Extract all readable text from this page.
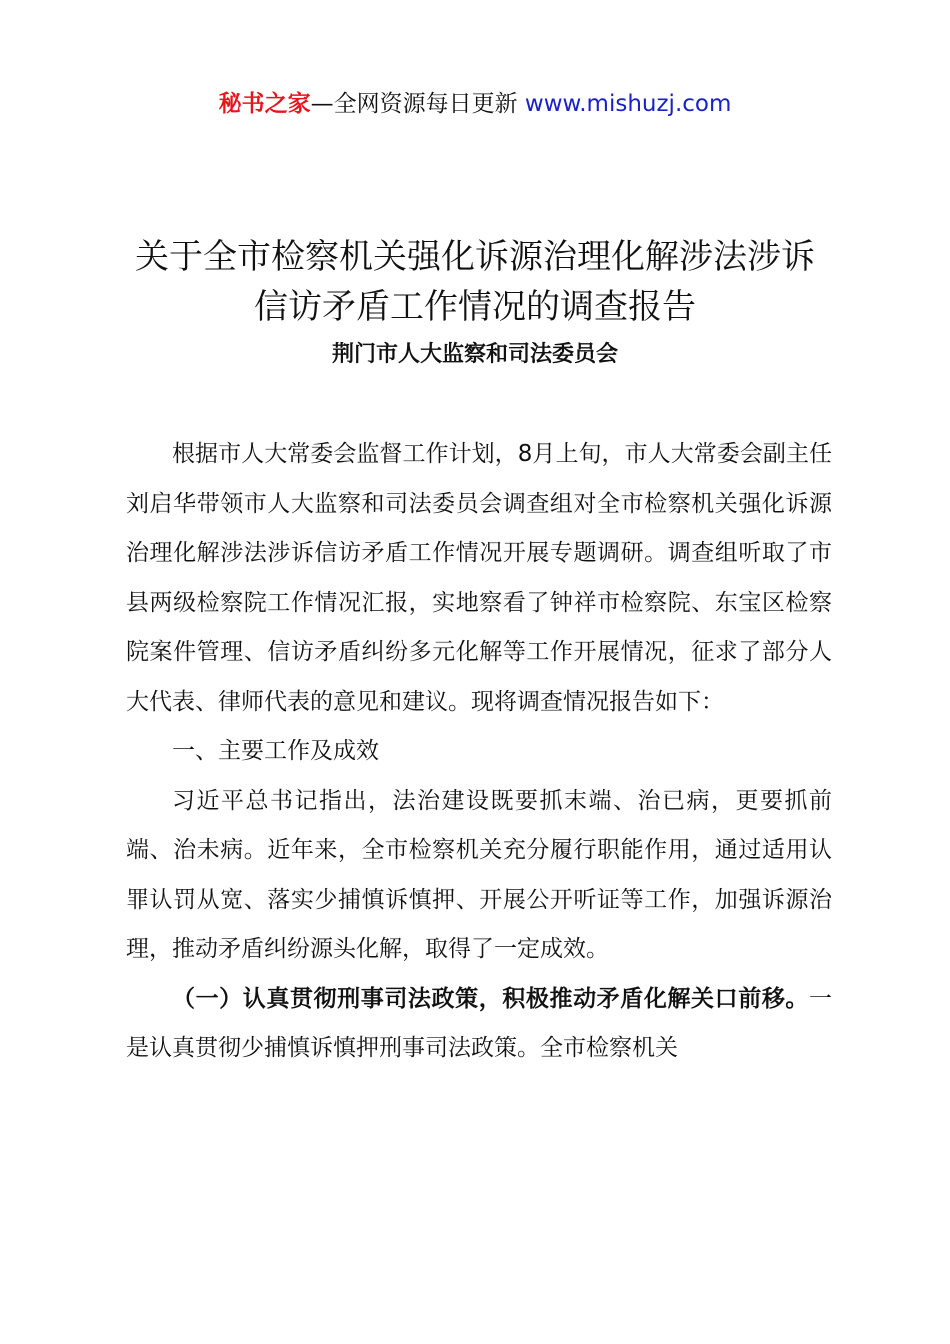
秘书之家—全网资源每日更新 www.mishuzj.com
关于全市检察机关强化诉源治理化解涉法涉诉
信访矛盾工作情况的调查报告
荆门市人大监察和司法委员会

根据市人大常委会监督工作计划，8月上旬，市人大常委会副主任刘启华带领市人大监察和司法委员会调查组对全市检察机关强化诉源治理化解涉法涉诉信访矛盾工作情况开展专题调研。调查组听取了市县两级检察院工作情况汇报，实地察看了钟祥市检察院、东宝区检察院案件管理、信访矛盾纠纷多元化解等工作开展情况，征求了部分人大代表、律师代表的意见和建议。现将调查情况报告如下：

一、主要工作及成效

习近平总书记指出，法治建设既要抓末端、治已病，更要抓前端、治未病。近年来，全市检察机关充分履行职能作用，通过适用认罪认罚从宽、落实少捕慎诉慎押、开展公开听证等工作，加强诉源治理，推动矛盾纠纷源头化解，取得了一定成效。

（一）认真贯彻刑事司法政策，积极推动矛盾化解关口前移。一是认真贯彻少捕慎诉慎押刑事司法政策。全市检察机关
